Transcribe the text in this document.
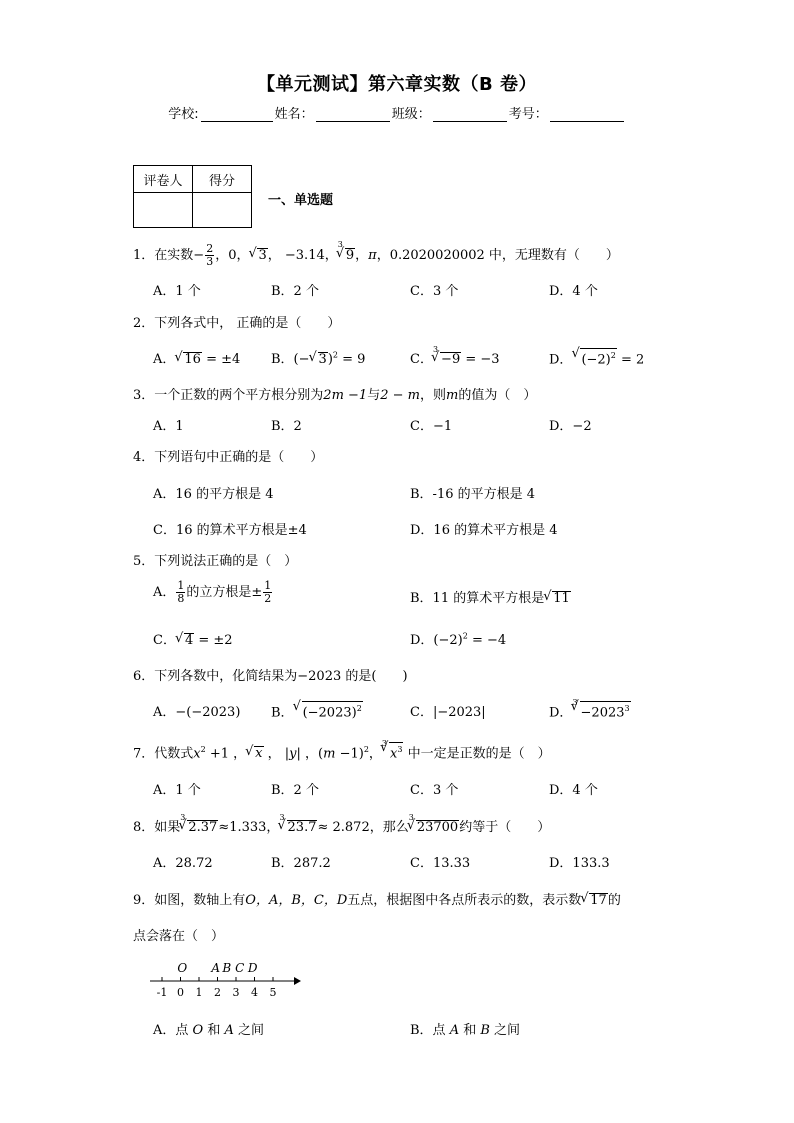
【单元测试】第六章实数（B 卷）
学校:	姓名：	班级：	考号：
评卷人	得分

一、单选题
1．在实数− $\frac{2}{3}$ ，0， √ 3， −3.14，$^3$√ 9，π，0.2020020002 中，无理数有（　　）
A．1 个	B．2 个	C．3 个	D．4 个
2．下列各式中， 正确的是（　　）
A． √ 16 = ±4 B．(− √ 3)$^2$ = 9	C．$^3$√ −9 = −3	D． √ $(-2)^2 = 2$
3．一个正数的两个平方根分别为2m −1与2 − m，则m的值为（　）
A．1	B．2	C．−1	D．−2
4．下列语句中正确的是（　　）
A．16 的平方根是 4	B．-16 的平方根是 4
C．16 的算术平方根是±4	D．16 的算术平方根是 4
5．下列说法正确的是（　）
A． $\frac{1}{8}$ 的立方根是± $\frac{1}{2}$	B．11 的算术平方根是 √ 11
C． √ 4 = ±2	D．$(-2)^2 = -4$
6．下列各数中，化简结果为−2023 的是(　　)
A．−(−2023) B． √ $(-2023)^2$	C．|−2023|	D．$^3√ -2023^3$
7．代数式$x^2 +1$ ， √ x ， |y| ，$(m -1)^2$，$^3$√ $x^3$ 中一定是正数的是（　）
A．1 个	B．2 个	C．3 个	D．4 个
8．如果$^3$√ 2.37≈1.333，$^3$√ 23.7≈ 2.872，那么$^3$√ 23700约等于（　　）
A．28.72	B．287.2	C．13.33	D．133.3
9．如图，数轴上有O，A，B，C，D五点，根据图中各点所表示的数，表示数 √ 17的
点会落在（　）
-1 0 1 2 3 4 5
O A B C D
A．点 O 和 A 之间	B．点 A 和 B 之间
